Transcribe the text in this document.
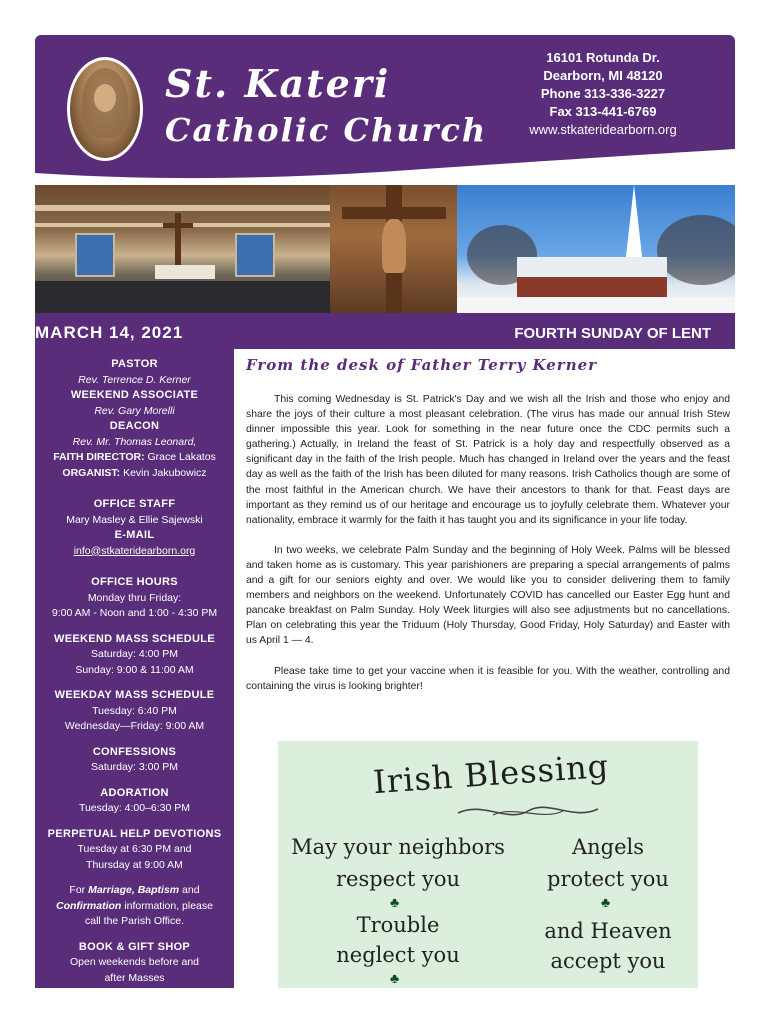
St. Kateri
Catholic Church
16101 Rotunda Dr.
Dearborn, MI 48120
Phone 313-336-3227
Fax 313-441-6769
www.stkateridearborn.org
MARCH 14, 2021	FOURTH SUNDAY OF LENT
PASTOR
Rev. Terrence D. Kerner
WEEKEND ASSOCIATE
Rev. Gary Morelli
DEACON
Rev. Mr. Thomas Leonard,
FAITH DIRECTOR: Grace Lakatos
ORGANIST: Kevin Jakubowicz
OFFICE STAFF
Mary Masley & Ellie Sajewski
E-MAIL
info@stkateridearborn.org
OFFICE HOURS
Monday thru Friday:
9:00 AM - Noon and 1:00 - 4:30 PM
WEEKEND MASS SCHEDULE
Saturday: 4:00 PM
Sunday: 9:00 & 11:00 AM
WEEKDAY MASS SCHEDULE
Tuesday: 6:40 PM
Wednesday—Friday: 9:00 AM
CONFESSIONS
Saturday: 3:00 PM
ADORATION
Tuesday: 4:00–6:30 PM
PERPETUAL HELP DEVOTIONS
Tuesday at 6:30 PM and
Thursday at 9:00 AM
For Marriage, Baptism and
Confirmation information, please
call the Parish Office.
BOOK & GIFT SHOP
Open weekends before and
after Masses
From the desk of Father Terry Kerner

This coming Wednesday is St. Patrick's Day and we wish all the Irish and those who enjoy and share the joys of their culture a most pleasant celebration. (The virus has made our annual Irish Stew dinner impossible this year. Look for something in the near future once the CDC permits such a gathering.) Actually, in Ireland the feast of St. Patrick is a holy day and respectfully observed as a significant day in the faith of the Irish people. Much has changed in Ireland over the years and the feast day as well as the faith of the Irish has been diluted for many reasons. Irish Catholics though are some of the most faithful in the American church. We have their ancestors to thank for that. Feast days are important as they remind us of our heritage and encourage us to joyfully celebrate them. Whatever your nationality, embrace it warmly for the faith it has taught you and its significance in your life today.

In two weeks, we celebrate Palm Sunday and the beginning of Holy Week. Palms will be blessed and taken home as is customary. This year parishioners are preparing a special arrangements of palms and a gift for our seniors eighty and over. We would like you to consider delivering them to family members and neighbors on the weekend. Unfortunately COVID has cancelled our Easter Egg hunt and pancake breakfast on Palm Sunday. Holy Week liturgies will also see adjustments but no cancellations. Plan on celebrating this year the Triduum (Holy Thursday, Good Friday, Holy Saturday) and Easter with us April 1 — 4.

Please take time to get your vaccine when it is feasible for you. With the weather, controlling and containing the virus is looking brighter!

Irish Blessing
May your neighbors
respect you
Angels
protect you
♣	♣
Trouble
neglect you
and Heaven
accept you
♣
